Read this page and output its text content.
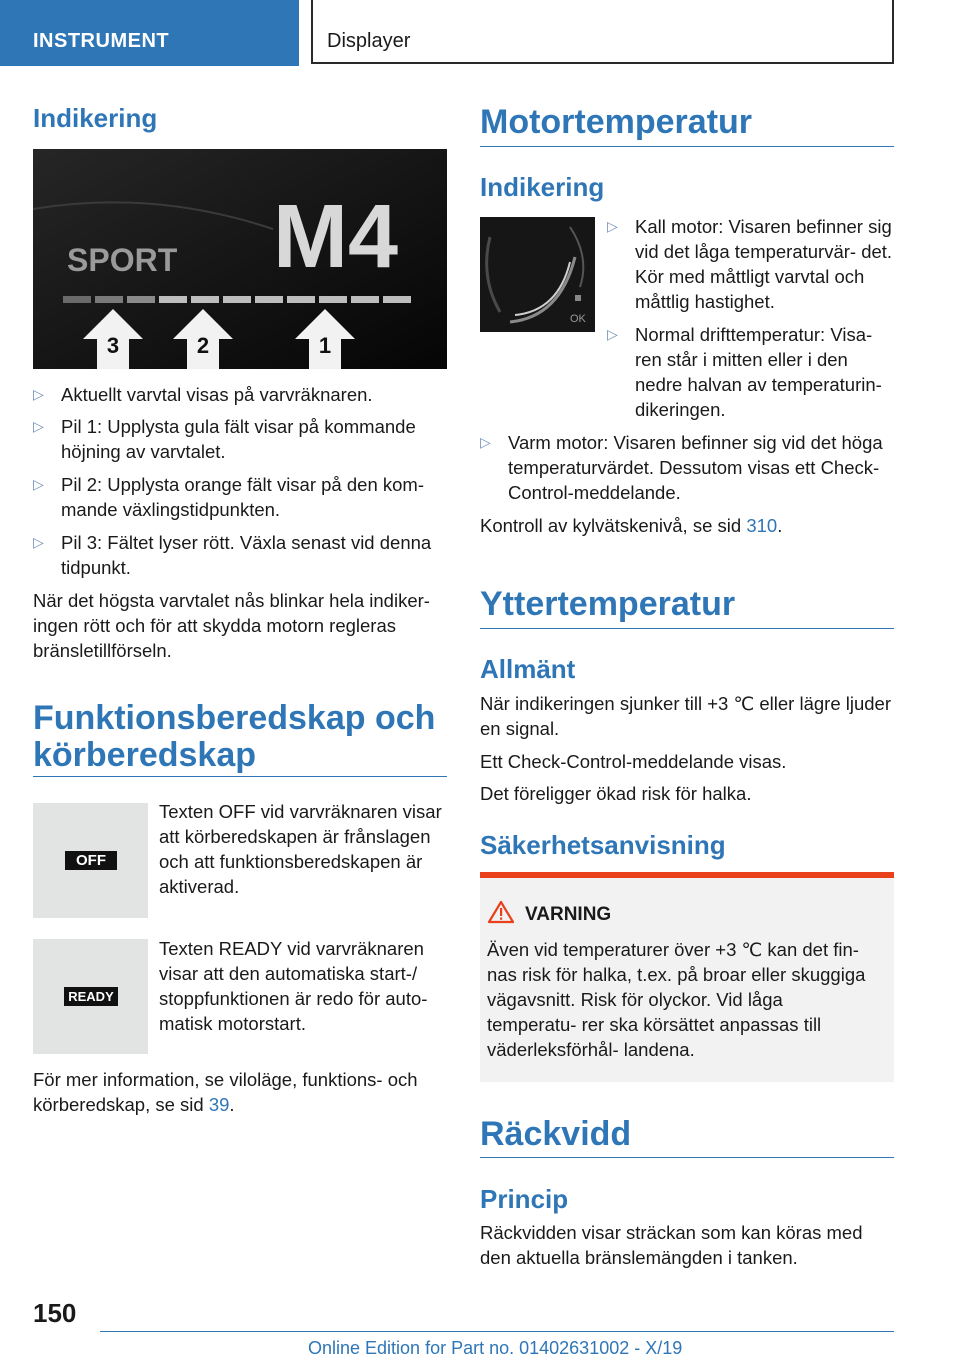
INSTRUMENT	Displayer
Indikering
SPORT M4
3	2	1
▷ Aktuellt varvtal visas på varvräknaren.
▷ Pil 1: Upplysta gula fält visar på kommande höjning av varvtalet.
▷ Pil 2: Upplysta orange fält visar på den kom- mande växlingstidpunkten.
▷ Pil 3: Fältet lyser rött. Växla senast vid denna tidpunkt.

När det högsta varvtalet nås blinkar hela indiker- ingen rött och för att skydda motorn regleras bränsletillförseln.

Funktionsberedskap och
körberedskap
OFF

Texten OFF vid varvräknaren visar att körberedskapen är frånslagen och att funktionsberedskapen är aktiverad.

READY

Texten READY vid varvräknaren visar att den automatiska start-/ stoppfunktionen är redo för auto- matisk motorstart.

För mer information, se viloläge, funktions- och körberedskap, se sid 39.

Motortemperatur
Indikering
OK
▷ Kall motor: Visaren befinner sig vid det låga temperaturvär- det. Kör med måttligt varvtal och måttlig hastighet.
▷ Normal drifttemperatur: Visa- ren står i mitten eller i den nedre halvan av temperaturin- dikeringen.
▷ Varm motor: Visaren befinner sig vid det höga temperaturvärdet. Dessutom visas ett Check- Control-meddelande.

Kontroll av kylvätskenivå, se sid 310.

Yttertemperatur
Allmänt

När indikeringen sjunker till +3 ℃ eller lägre ljuder en signal.

Ett Check-Control-meddelande visas.

Det föreligger ökad risk för halka.

Säkerhetsanvisning
VARNING

Även vid temperaturer över +3 ℃ kan det fin- nas risk för halka, t.ex. på broar eller skuggiga vägavsnitt. Risk för olyckor. Vid låga temperatu- rer ska körsättet anpassas till väderleksförhål- landena.

Räckvidd
Princip

Räckvidden visar sträckan som kan köras med den aktuella bränslemängden i tanken.

150
Online Edition for Part no. 01402631002 - X/19
